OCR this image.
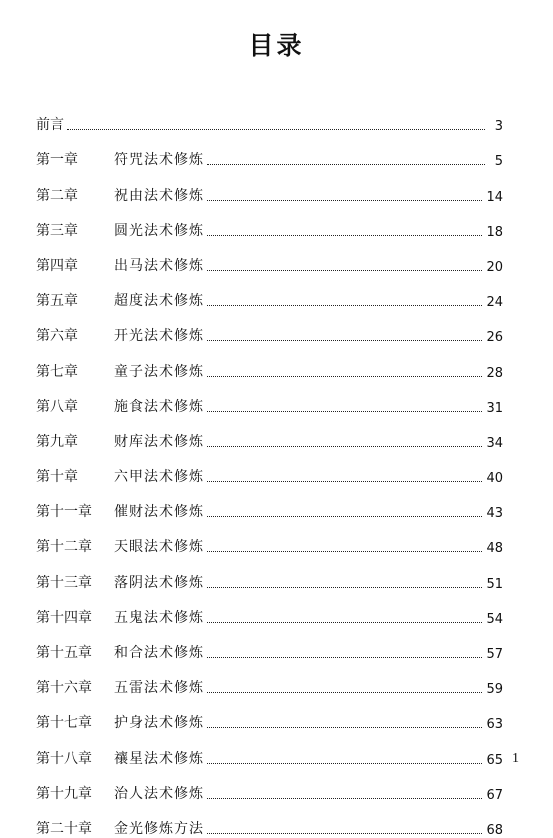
目录
前言	3
第一章	符咒法术修炼	5
第二章	祝由法术修炼	14
第三章	圆光法术修炼	18
第四章	出马法术修炼	20
第五章	超度法术修炼	24
第六章	开光法术修炼	26
第七章	童子法术修炼	28
第八章	施食法术修炼	31
第九章	财库法术修炼	34
第十章	六甲法术修炼	40
第十一章	催财法术修炼	43
第十二章	天眼法术修炼	48
第十三章	落阴法术修炼	51
第十四章	五鬼法术修炼	54
第十五章	和合法术修炼	57
第十六章	五雷法术修炼	59
第十七章	护身法术修炼	63
第十八章	禳星法术修炼	65
第十九章	治人法术修炼	67
第二十章	金光修炼方法	68
1
